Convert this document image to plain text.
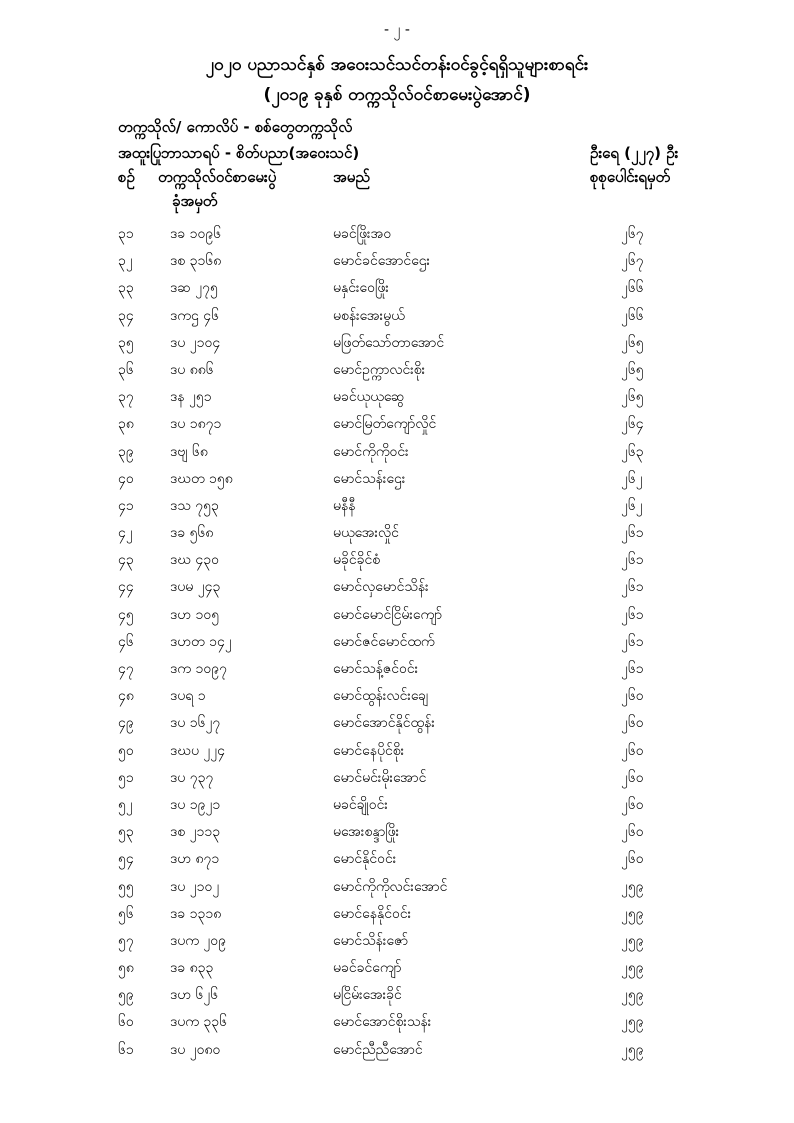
- ၂ -
၂၀၂၀ ပညာသင်နှစ် အဝေးသင်သင်တန်းဝင်ခွင့်ရရှိသူများစာရင်း
(၂၀၁၉ ခုနှစ် တက္ကသိုလ်ဝင်စာမေးပွဲအောင်)
တက္ကသိုလ်/ ကောလိပ် - စစ်တွေတက္ကသိုလ်
အထူးပြုဘာသာရပ် - စိတ်ပညာ(အဝေးသင်)	ဦးရေ (၂၂၇) ဦး
စဉ် တက္ကသိုလ်ဝင်စာမေးပွဲ
ခုံအမှတ်
အမည်	စုစုပေါင်းရမှတ်
၃၁	ဒခ ၁၀၉၆	မခင်ဖြိုးအဝ	၂၆၇
၃၂	ဒစ ၃၁၆၈	မောင်ခင်အောင်ဌေး	၂၆၇
၃၃	ဒဆ ၂၇၅	မနှင်းဝေဖြိုး	၂၆၆
၃၄	ဒကဌ ၄၆	မစန်းအေးမွယ်	၂၆၆
၃၅	ဒပ ၂၁၀၄	မဖြတ်သော်တာအောင်	၂၆၅
၃၆	ဒပ ၈၈၆	မောင်ဥက္ကာလင်းစိုး	၂၆၅
၃၇	ဒန ၂၅၁	မခင်ယုယုဆွေ	၂၆၅
၃၈	ဒပ ၁၈၇၁	မောင်မြတ်ကျော်လှိုင်	၂၆၄
၃၉	ဒဗျ ၆၈	မောင်ကိုကိုဝင်း	၂၆၃
၄၀	ဒဃတ ၁၅၈	မောင်သန်းဌေး	၂၆၂
၄၁	ဒသ ၇၅၃	မနီနီ	၂၆၂
၄၂	ဒခ ၅၆၈	မယုအေးလှိုင်	၂၆၁
၄၃	ဒဃ ၄၃၀	မခိုင်ခိုင်စံ	၂၆၁
၄၄	ဒပမ ၂၄၃	မောင်လှမောင်သိန်း	၂၆၁
၄၅	ဒဟ ၁၀၅	မောင်မောင်ငြိမ်းကျော်	၂၆၁
၄၆	ဒဟတ ၁၄၂	မောင်ဇင်မောင်ထက်	၂၆၁
၄၇	ဒက ၁၀၉၇	မောင်သန့်ဇင်ဝင်း	၂၆၁
၄၈	ဒပရ ၁	မောင်ထွန်းလင်းချေ	၂၆၀
၄၉	ဒပ ၁၆၂၇	မောင်အောင်နိုင်ထွန်း	၂၆၀
၅၀	ဒဃပ ၂၂၄	မောင်နေပိုင်စိုး	၂၆၀
၅၁	ဒပ ၇၃၇	မောင်မင်းမိုးအောင်	၂၆၀
၅၂	ဒပ ၁၉၂၁	မခင်ချိုဝင်း	၂၆၀
၅၃	ဒစ ၂၁၁၃	မအေးစန္ဒာဖြိုး	၂၆၀
၅၄	ဒဟ ၈၇၁	မောင်နိုင်ဝင်း	၂၆၀
၅၅	ဒပ ၂၁၀၂	မောင်ကိုကိုလင်းအောင်	၂၅၉
၅၆	ဒခ ၁၃၁၈	မောင်နေနိုင်ဝင်း	၂၅၉
၅၇	ဒပက ၂၀၉	မောင်သိန်းဇော်	၂၅၉
၅၈	ဒခ ၈၃၃	မခင်ခင်ကျော်	၂၅၉
၅၉	ဒဟ ၆၂၆	မငြိမ်းအေးခိုင်	၂၅၉
၆၀	ဒပက ၃၃၆	မောင်အောင်စိုးသန်း	၂၅၉
၆၁	ဒပ ၂၀၈၀	မောင်ညီညီအောင်	၂၅၉
